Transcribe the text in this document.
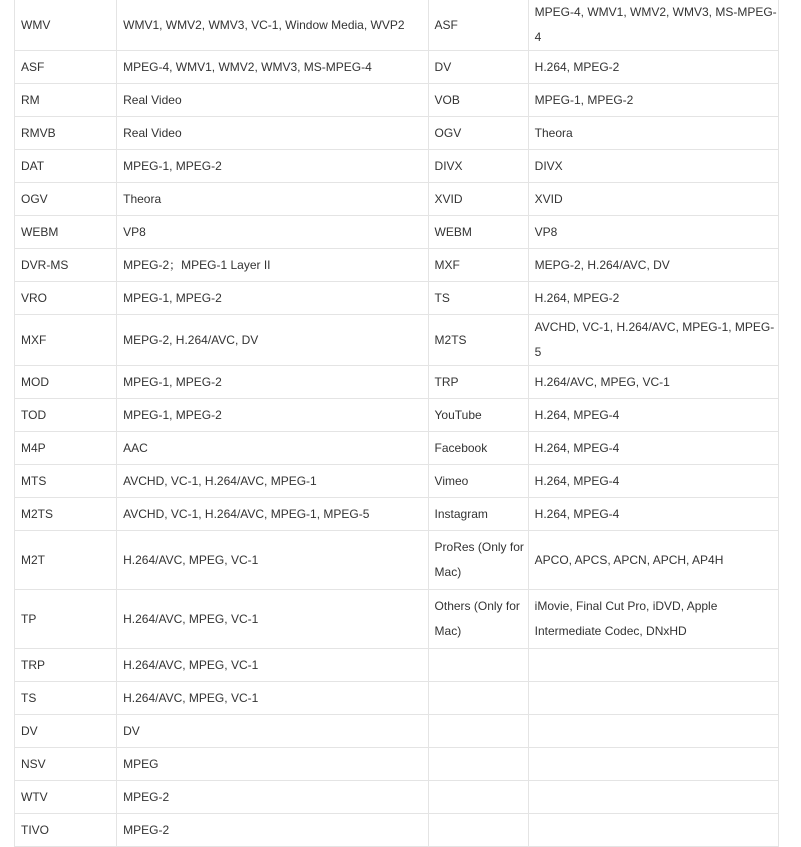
WMV	WMV1, WMV2, WMV3, VC-1, Window Media, WVP2	ASF	MPEG-4, WMV1, WMV2, WMV3, MS-MPEG-4
ASF	MPEG-4, WMV1, WMV2, WMV3, MS-MPEG-4	DV	H.264, MPEG-2
RM	Real Video	VOB	MPEG-1, MPEG-2
RMVB	Real Video	OGV	Theora
DAT	MPEG-1, MPEG-2	DIVX	DIVX
OGV	Theora	XVID	XVID
WEBM	VP8	WEBM	VP8
DVR-MS	MPEG-2；MPEG-1 Layer II	MXF	MEPG-2, H.264/AVC, DV
VRO	MPEG-1, MPEG-2	TS	H.264, MPEG-2
MXF	MEPG-2, H.264/AVC, DV	M2TS	AVCHD, VC-1, H.264/AVC, MPEG-1, MPEG-5
MOD	MPEG-1, MPEG-2	TRP	H.264/AVC, MPEG, VC-1
TOD	MPEG-1, MPEG-2	YouTube	H.264, MPEG-4
M4P	AAC	Facebook	H.264, MPEG-4
MTS	AVCHD, VC-1, H.264/AVC, MPEG-1	Vimeo	H.264, MPEG-4
M2TS	AVCHD, VC-1, H.264/AVC, MPEG-1, MPEG-5	Instagram	H.264, MPEG-4
M2T	H.264/AVC, MPEG, VC-1	ProRes (Only for Mac)	APCO, APCS, APCN, APCH, AP4H
TP	H.264/AVC, MPEG, VC-1	Others (Only for Mac)	iMovie, Final Cut Pro, iDVD, Apple Intermediate Codec, DNxHD
TRP	H.264/AVC, MPEG, VC-1		
TS	H.264/AVC, MPEG, VC-1		
DV	DV		
NSV	MPEG		
WTV	MPEG-2		
TIVO	MPEG-2		
